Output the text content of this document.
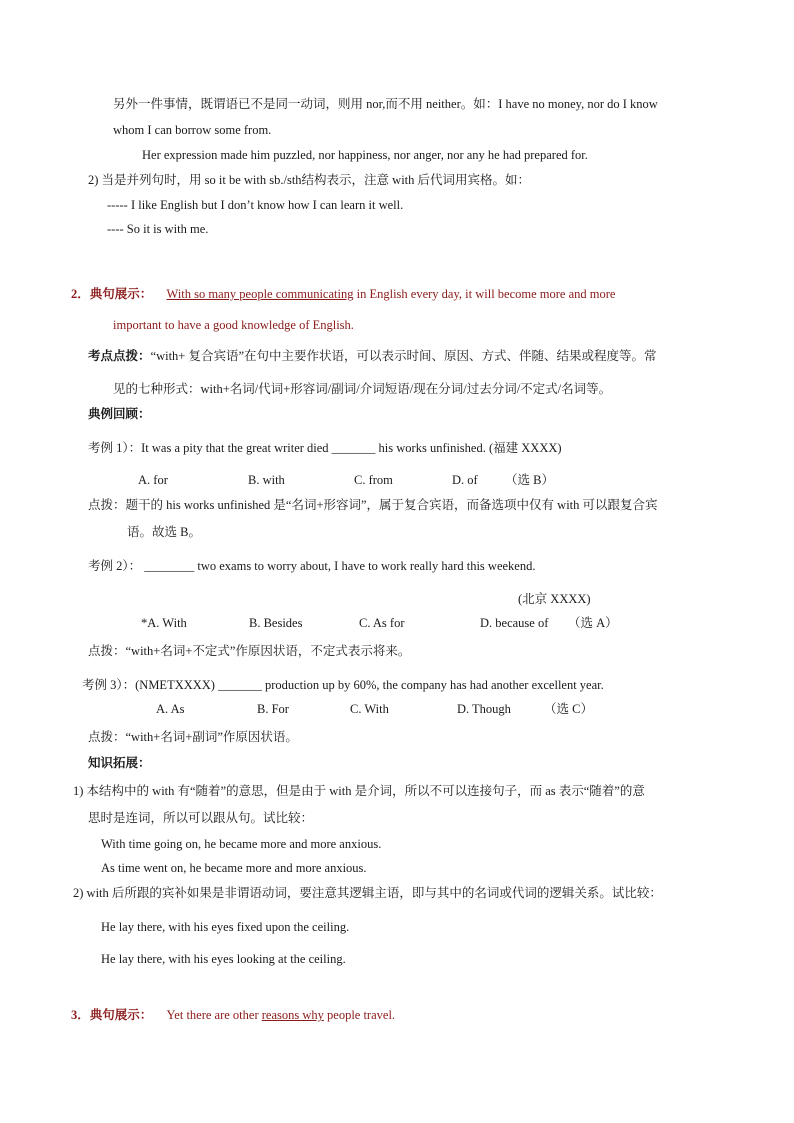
另外一件事情，既谓语已不是同一动词，则用 nor,而不用 neither。如：I have no money, nor do I know
whom I can borrow some from.
Her expression made him puzzled, nor happiness, nor anger, nor any he had prepared for.
2) 当是并列句时，用 so it be with sb./sth结构表示，注意 with 后代词用宾格。如：
----- I like English but I don’t know how I can learn it well.
---- So it is with me.
2．典句展示： With so many people communicating in English every day, it will become more and more
important to have a good knowledge of English.
考点点拨：“with+ 复合宾语”在句中主要作状语，可以表示时间、原因、方式、伴随、结果或程度等。常
见的七种形式：with+名词/代词+形容词/副词/介词短语/现在分词/过去分词/不定式/名词等。
典例回顾：
考例 1）：It was a pity that the great writer died _______ his works unfinished. (福建 XXXX)
A. for	B. with	C. from	D. of （选 B）
点拨：题干的 his works unfinished 是“名词+形容词”，属于复合宾语，而备选项中仅有 with 可以跟复合宾
语。故选 B。
考例 2）： ________ two exams to worry about, I have to work really hard this weekend.
(北京 XXXX)
*A. With	B. Besides	C. As for	D. because of （选 A）
点拨：“with+名词+不定式”作原因状语，不定式表示将来。
考例 3）：(NMETXXXX) _______ production up by 60%, the company has had another excellent year.
A. As	B. For	C. With	D. Though	（选 C）
点拨：“with+名词+副词”作原因状语。
知识拓展：
1) 本结构中的 with 有“随着”的意思，但是由于 with 是介词，所以不可以连接句子，而 as 表示“随着”的意
思时是连词，所以可以跟从句。试比较：
With time going on, he became more and more anxious.
As time went on, he became more and more anxious.
2) with 后所跟的宾补如果是非谓语动词，要注意其逻辑主语，即与其中的名词或代词的逻辑关系。试比较：
He lay there, with his eyes fixed upon the ceiling.
He lay there, with his eyes looking at the ceiling.
3．典句展示： Yet there are other reasons why people travel.
